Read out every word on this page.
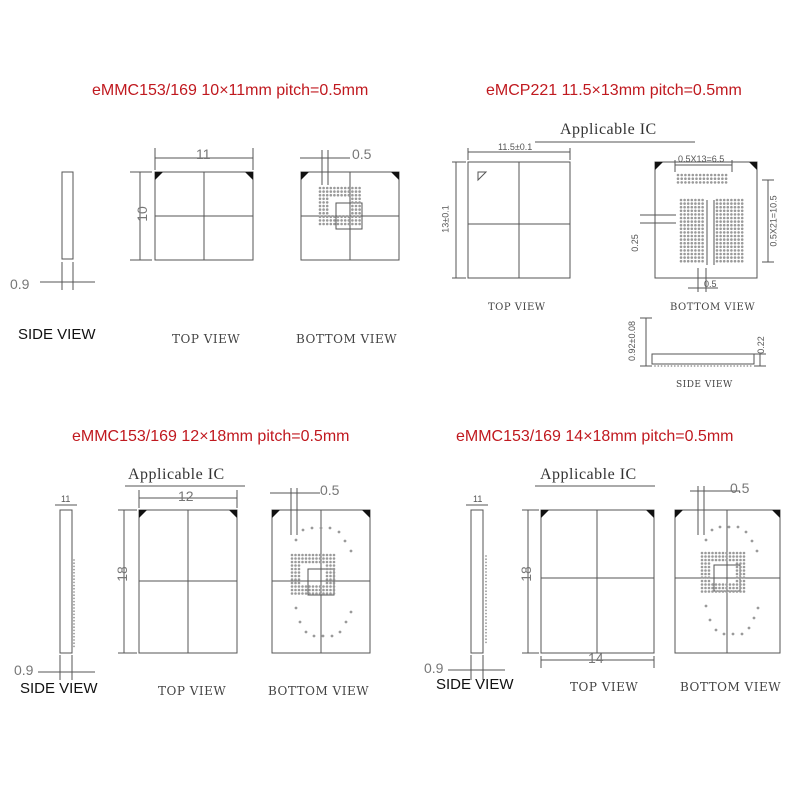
eMMC153/169 10×11mm pitch=0.5mm
11
10
0.5
0.9
SIDE VIEW	TOP VIEW	BOTTOM VIEW
eMCP221 11.5×13mm pitch=0.5mm
Applicable IC
11.5±0.1
13±0.1
0.5X13=6.5
0.5X21=10.5
0.25
0.5
TOP VIEW	BOTTOM VIEW
0.92±0.08	0.22
SIDE VIEW
eMMC153/169 12×18mm pitch=0.5mm
Applicable IC
11	12
18
0.5
0.9
SIDE VIEW	TOP VIEW	BOTTOM VIEW
eMMC153/169 14×18mm pitch=0.5mm
Applicable IC
11
14
18
0.5
0.9
SIDE VIEW	TOP VIEW	BOTTOM VIEW
